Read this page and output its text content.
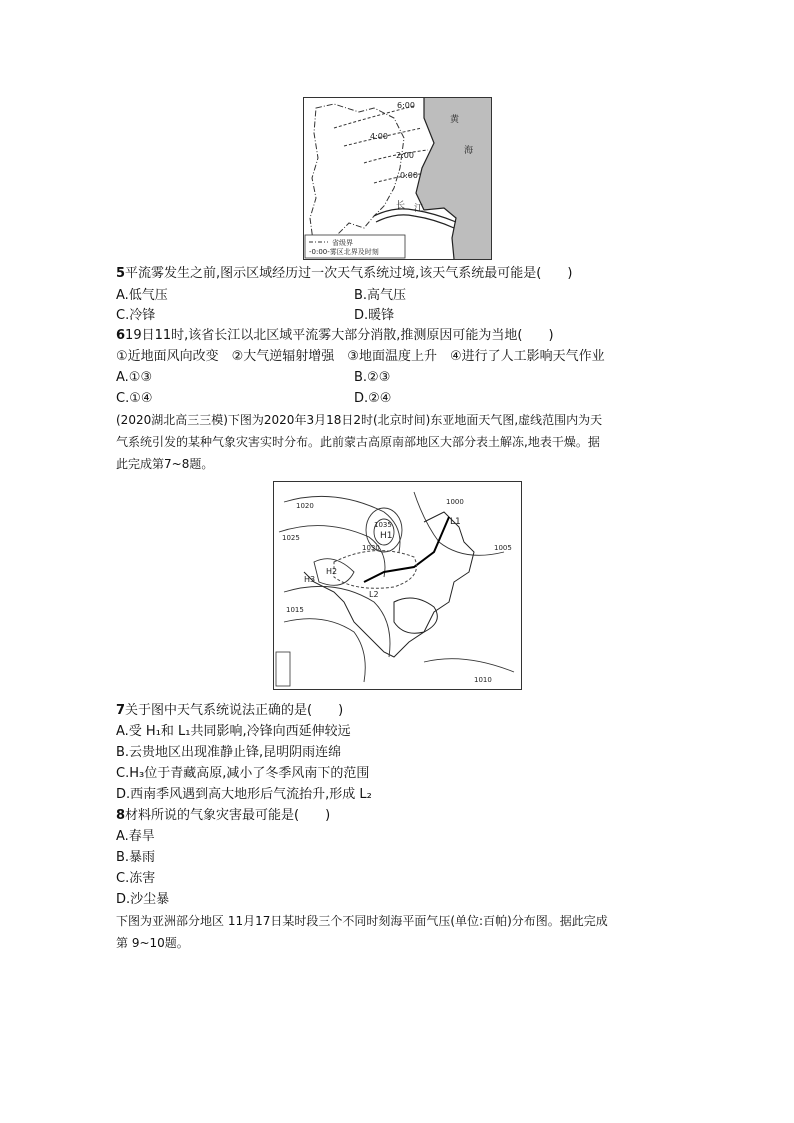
6:00
4:00
2:00
0:00
黄
海
长 江
省级界
-0:00-雾区北界及时刻
5平流雾发生之前,图示区域经历过一次天气系统过境,该天气系统最可能是(　　)
A.低气压	B.高气压
C.冷锋	D.暖锋
619日11时,该省长江以北区域平流雾大部分消散,推测原因可能为当地(　　)
①近地面风向改变　②大气逆辐射增强　③地面温度上升　④进行了人工影响天气作业
A.①③	B.②③
C.①④	D.②④
(2020湖北高三三模)下图为2020年3月18日2时(北京时间)东亚地面天气图,虚线范围内为天
气系统引发的某种气象灾害实时分布。此前蒙古高原南部地区大部分表土解冻,地表干燥。据
此完成第7~8题。
1020
1025
1035
1030
1015
1010
1005
1000
H1
L1
H2
L2
H3
7关于图中天气系统说法正确的是(　　)
A.受 H₁和 L₁共同影响,冷锋向西延伸较远
B.云贵地区出现准静止锋,昆明阴雨连绵
C.H₃位于青藏高原,减小了冬季风南下的范围
D.西南季风遇到高大地形后气流抬升,形成 L₂
8材料所说的气象灾害最可能是(　　)
A.春旱
B.暴雨
C.冻害
D.沙尘暴
下图为亚洲部分地区 11月17日某时段三个不同时刻海平面气压(单位:百帕)分布图。据此完成
第 9~10题。
